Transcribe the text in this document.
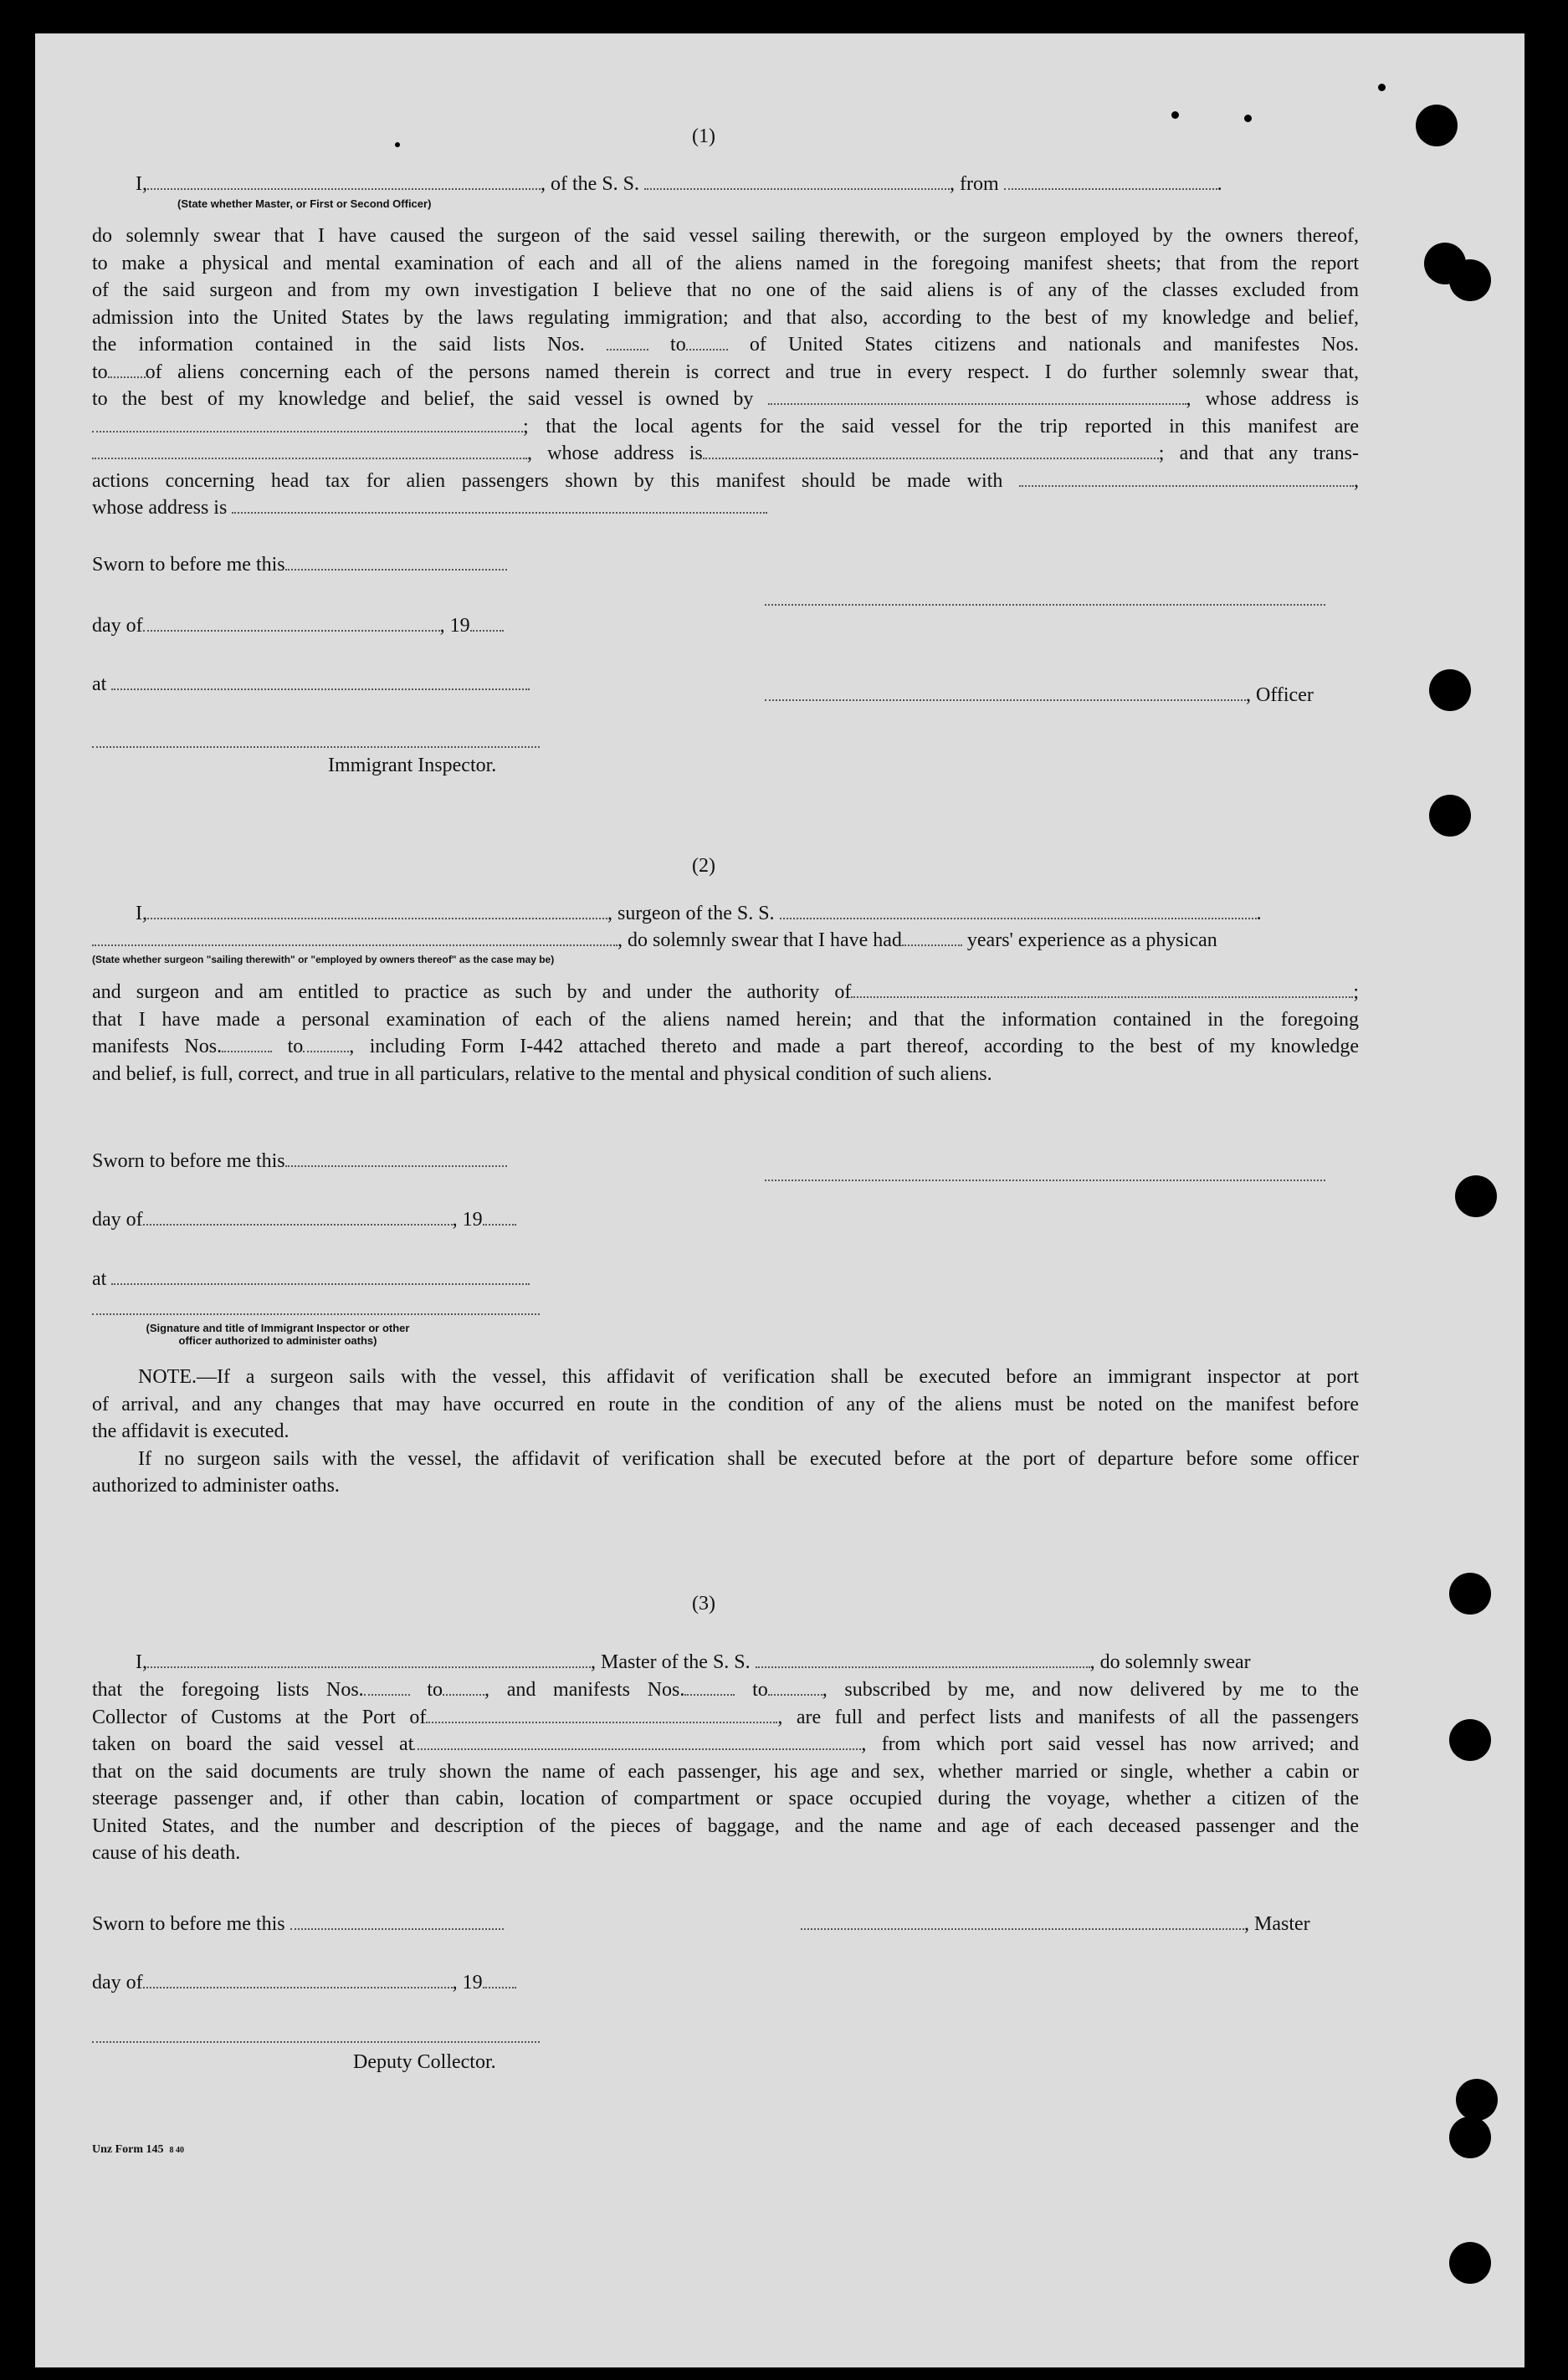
(1)
I,	, of the S. S.	, from	.
(State whether Master, or First or Second Officer)
do solemnly swear that I have caused the surgeon of the said vessel sailing therewith, or the surgeon employed by the owners thereof,
to make a physical and mental examination of each and all of the aliens named in the foregoing manifest sheets; that from the report
of the said surgeon and from my own investigation I believe that no one of the said aliens is of any of the classes excluded from
admission into the United States by the laws regulating immigration; and that also, according to the best of my knowledge and belief,
the information contained in the said lists Nos.	to	of United States citizens and nationals and manifestes Nos.
to of aliens concerning each of the persons named therein is correct and true in every respect. I do further solemnly swear that,
to the best of my knowledge and belief, the said vessel is owned by	, whose address is
; that the local agents for the said vessel for the trip reported in this manifest are
, whose address is	; and that any trans-
actions concerning head tax for alien passengers shown by this manifest should be made with	,
whose address is
Sworn to before me this
day of	, 19
at	, Officer
Immigrant Inspector.
(2)
I,	, surgeon of the S. S.	.
, do solemnly swear that I have had	years' experience as a physican
(State whether surgeon "sailing therewith" or "employed by owners thereof" as the case may be)
and surgeon and am entitled to practice as such by and under the authority of	;
that I have made a personal examination of each of the aliens named herein; and that the information contained in the foregoing
manifests Nos.	to , including Form I-442 attached thereto and made a part thereof, according to the best of my knowledge
and belief, is full, correct, and true in all particulars, relative to the mental and physical condition of such aliens.
Sworn to before me this
day of	, 19
at
(Signature and title of Immigrant Inspector or other
officer authorized to administer oaths)
NOTE.—If a surgeon sails with the vessel, this affidavit of verification shall be executed before an immigrant inspector at port
of arrival, and any changes that may have occurred en route in the condition of any of the aliens must be noted on the manifest before
the affidavit is executed.
If no surgeon sails with the vessel, the affidavit of verification shall be executed before at the port of departure before some officer
authorized to administer oaths.
(3)
I,	, Master of the S. S.	, do solemnly swear
that the foregoing lists Nos.	to , and manifests Nos.	to	, subscribed by me, and now delivered by me to the
Collector of Customs at the Port of	, are full and perfect lists and manifests of all the passengers
taken on board the said vessel at	, from which port said vessel has now arrived; and
that on the said documents are truly shown the name of each passenger, his age and sex, whether married or single, whether a cabin or
steerage passenger and, if other than cabin, location of compartment or space occupied during the voyage, whether a citizen of the
United States, and the number and description of the pieces of baggage, and the name and age of each deceased passenger and the
cause of his death.
Sworn to before me this	, Master
day of	, 19
Deputy Collector.
Unz Form 145 8 40
